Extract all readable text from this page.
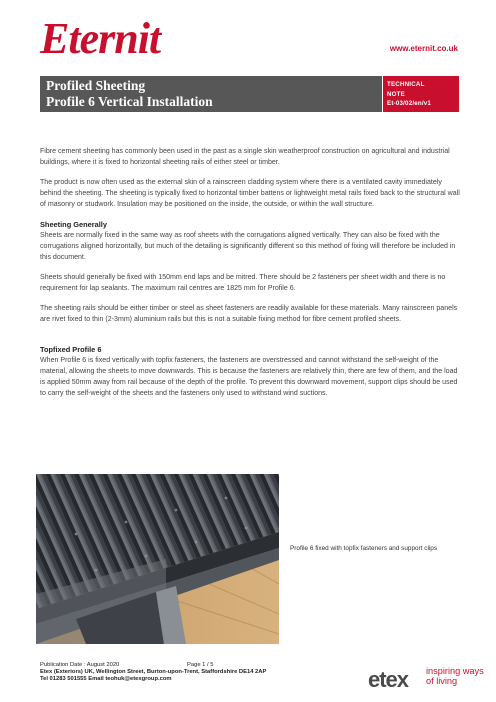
Eternit	www.eternit.co.uk
Profiled Sheeting
Profile 6 Vertical Installation
TECHNICAL
NOTE
Et-03/02/en/v1

Fibre cement sheeting has commonly been used in the past as a single skin weatherproof construction on agricultural and industrial buildings, where it is fixed to horizontal sheeting rails of either steel or timber.

The product is now often used as the external skin of a rainscreen cladding system where there is a ventilated cavity immediately behind the sheeting. The sheeting is typically fixed to horizontal timber battens or lightweight metal rails fixed back to the structural wall of masonry or studwork. Insulation may be positioned on the inside, the outside, or within the wall structure.

Sheeting Generally

Sheets are normally fixed in the same way as roof sheets with the corrugations aligned vertically. They can also be fixed with the corrugations aligned horizontally, but much of the detailing is significantly different so this method of fixing will therefore be included in this document.

Sheets should generally be fixed with 150mm end laps and be mitred. There should be 2 fasteners per sheet width and there is no requirement for lap sealants. The maximum rail centres are 1825 mm for Profile 6.

The sheeting rails should be either timber or steel as sheet fasteners are readily available for these materials. Many rainscreen panels are rivet fixed to thin (2-3mm) aluminium rails but this is not a suitable fixing method for fibre cement profiled sheets.

Topfixed Profile 6

When Profile 6 is fixed vertically with topfix fasteners, the fasteners are overstressed and cannot withstand the self-weight of the material, allowing the sheets to move downwards. This is because the fasteners are relatively thin, there are few of them, and the load is applied 50mm away from rail because of the depth of the profile. To prevent this downward movement, support clips should be used to carry the self-weight of the sheets and the fasteners only used to withstand wind suctions.

Profile 6 fixed with topfix fasteners and support clips
Publication Date : August 2020	Page 1 / 5
Etex (Exteriors) UK, Wellington Street, Burton-upon-Trent, Staffordshire DE14 2AP
Tel 01283 501555 Email teohuk@etexgroup.com	etex inspiring ways
of living
